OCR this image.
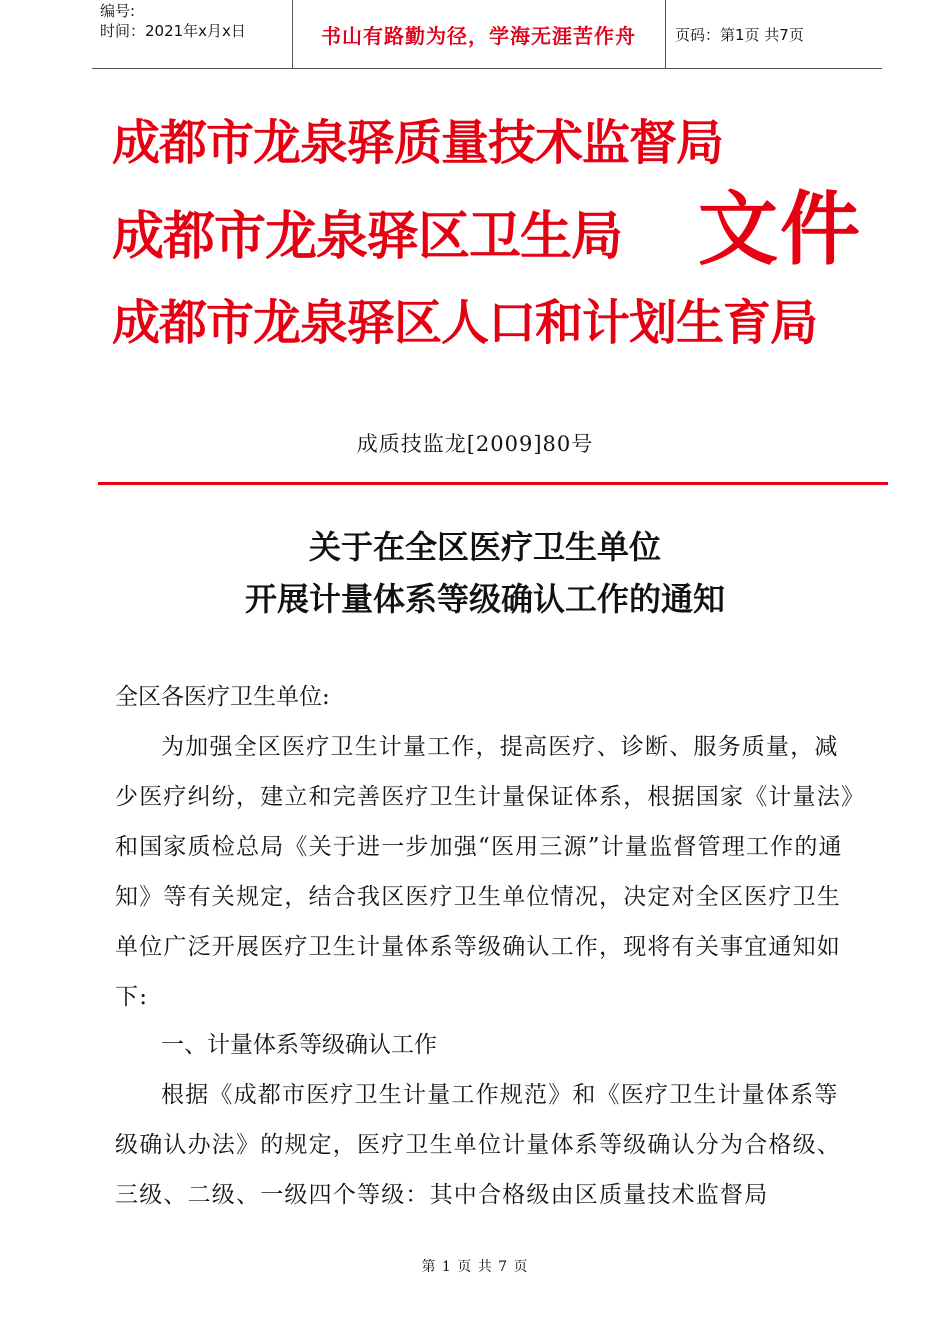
编号:
时间：2021年x月x日	书山有路勤为径，学海无涯苦作舟	页码：第1页 共7页
成都市龙泉驿质量技术监督局
成都市龙泉驿区卫生局
成都市龙泉驿区人口和计划生育局
文件
成质技监龙[2009]80号
关于在全区医疗卫生单位
开展计量体系等级确认工作的通知
全区各医疗卫生单位:

为加强全区医疗卫生计量工作，提高医疗、诊断、服务质量，减少医疗纠纷，建立和完善医疗卫生计量保证体系，根据国家《计量法》和国家质检总局《关于进一步加强“医用三源”计量监督管理工作的通知》等有关规定，结合我区医疗卫生单位情况，决定对全区医疗卫生单位广泛开展医疗卫生计量体系等级确认工作，现将有关事宜通知如下:

一、计量体系等级确认工作

根据《成都市医疗卫生计量工作规范》和《医疗卫生计量体系等级确认办法》的规定，医疗卫生单位计量体系等级确认分为合格级、三级、二级、一级四个等级：其中合格级由区质量技术监督局

第 1 页 共 7 页
